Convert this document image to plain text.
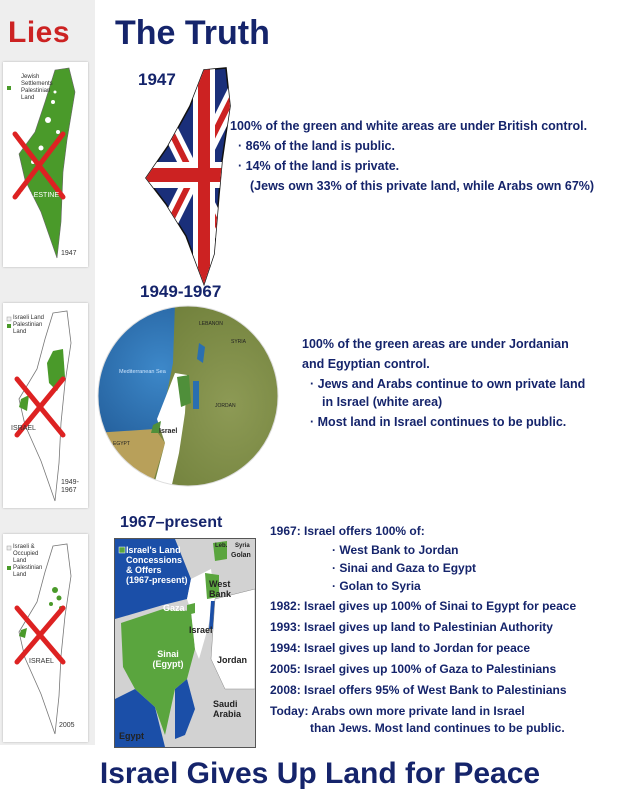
Lies The Truth
Jewish
Settlements
Palestinian
Land
PALESTINE
1947
1947
100% of the green and white areas are under British control.
· 86% of the land is public.
· 14% of the land is private.
(Jews own 33% of this private land, while Arabs own 67%)
Israeli Land
Palestinian
Land
ISRAEL
1949-
1967
1949-1967
Mediterranean Sea
LEBANON
SYRIA
JORDAN
EGYPT
Israel
100% of the green areas are under Jordanian
and Egyptian control.
· Jews and Arabs continue to own private land
in Israel (white area)
· Most land in Israel continues to be public.
Israeli &
Occupied
Land
Palestinian
Land
ISRAEL
2005
1967–present
Israel's Land
Concessions
& Offers
(1967-present)
Leb. Syria
Golan
West Bank
Gaza
Israel
Sinai (Egypt)	Jordan
Saudi Arabia
Egypt
1967: Israel offers 100% of:
· West Bank to Jordan
· Sinai and Gaza to Egypt
· Golan to Syria
1982: Israel gives up 100% of Sinai to Egypt for peace
1993: Israel gives up land to Palestinian Authority
1994: Israel gives up land to Jordan for peace
2005: Israel gives up 100% of Gaza to Palestinians
2008: Israel offers 95% of West Bank to Palestinians
Today: Arabs own more private land in Israel
than Jews. Most land continues to be public.
Israel Gives Up Land for Peace
